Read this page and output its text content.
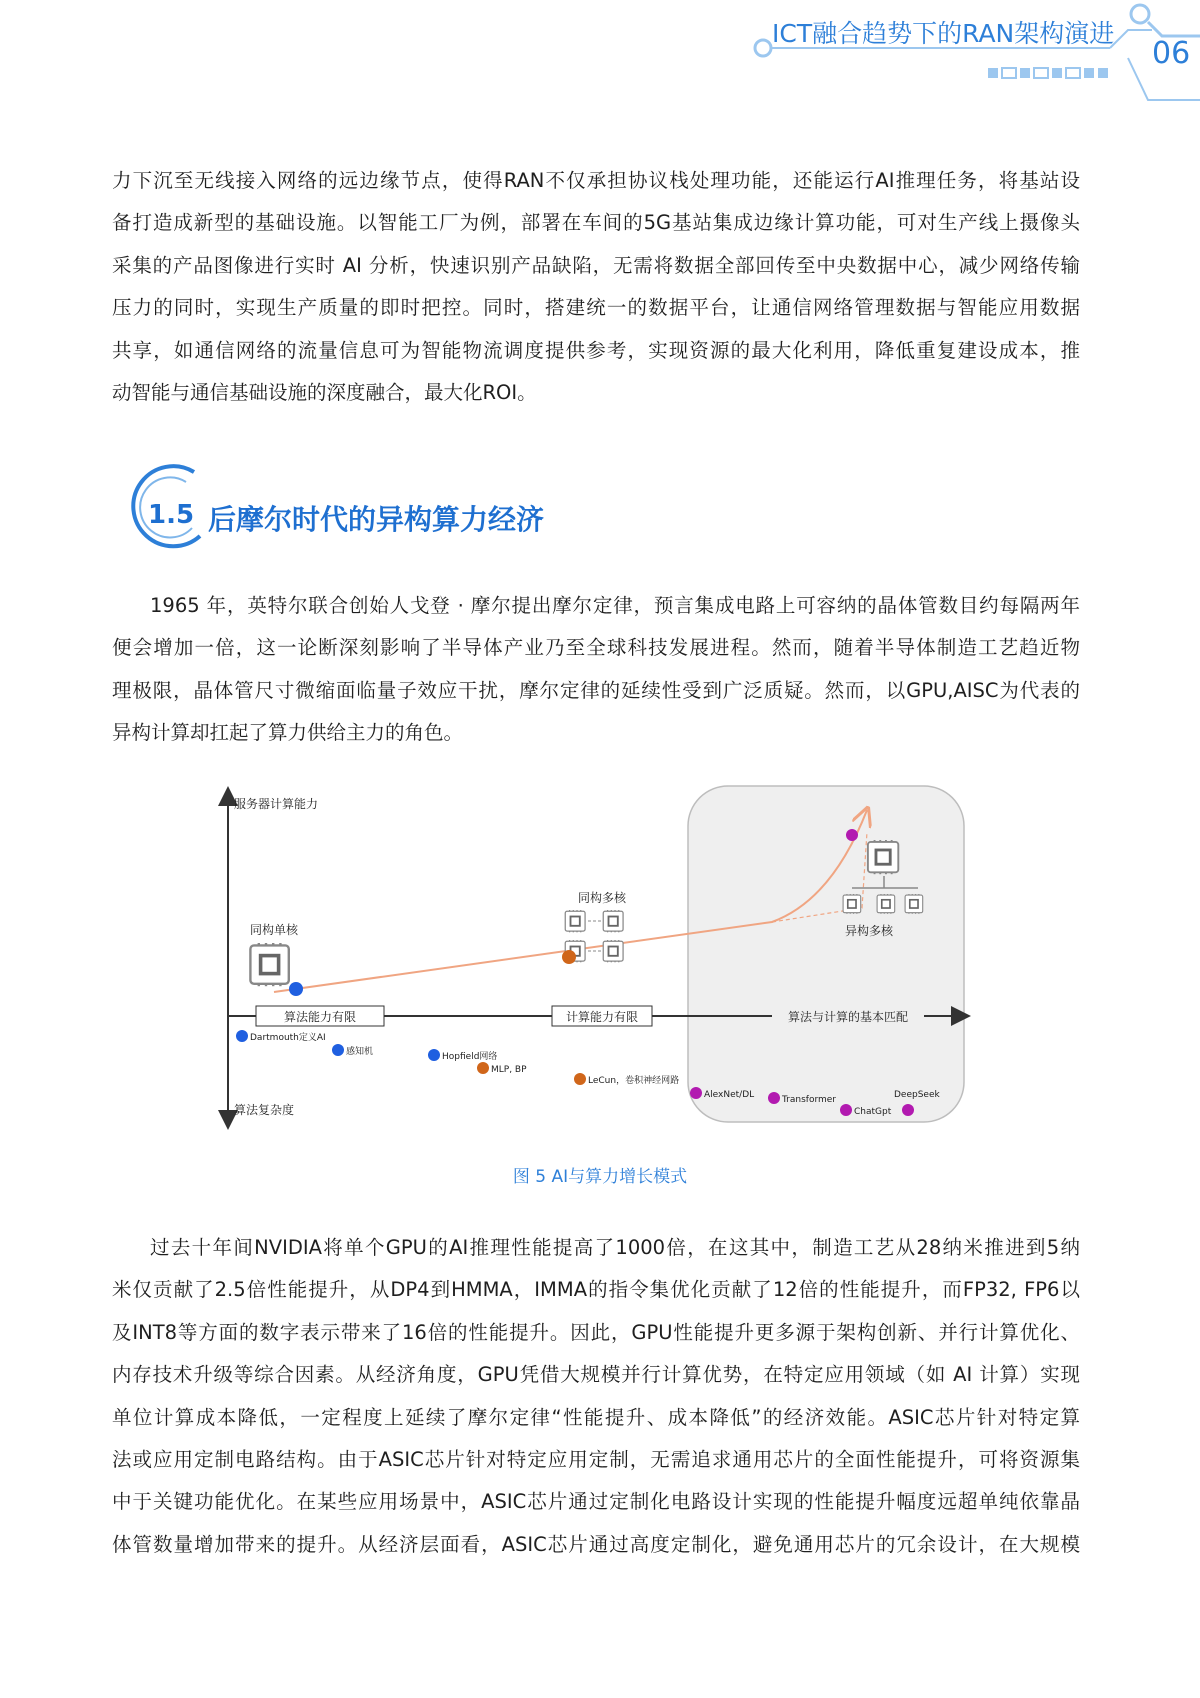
ICT融合趋势下的RAN架构演进
06
力下沉至无线接入网络的远边缘节点，使得RAN不仅承担协议栈处理功能，还能运行AI推理任务，将基站设
备打造成新型的基础设施。以智能工厂为例，部署在车间的5G基站集成边缘计算功能，可对生产线上摄像头
采集的产品图像进行实时 AI 分析，快速识别产品缺陷，无需将数据全部回传至中央数据中心，减少网络传输
压力的同时，实现生产质量的即时把控。同时，搭建统一的数据平台，让通信网络管理数据与智能应用数据
共享，如通信网络的流量信息可为智能物流调度提供参考，实现资源的最大化利用，降低重复建设成本，推
动智能与通信基础设施的深度融合，最大化ROI。
1.5 后摩尔时代的异构算力经济
1965 年，英特尔联合创始人戈登 · 摩尔提出摩尔定律，预言集成电路上可容纳的晶体管数目约每隔两年
便会增加一倍，这一论断深刻影响了半导体产业乃至全球科技发展进程。然而，随着半导体制造工艺趋近物
理极限，晶体管尺寸微缩面临量子效应干扰，摩尔定律的延续性受到广泛质疑。然而，以GPU,AISC为代表的
异构计算却扛起了算力供给主力的角色。
服务器计算能力
算法复杂度
同构单核
同构多核
异构多核
算法能力有限	计算能力有限	算法与计算的基本匹配
Dartmouth定义AI
感知机	Hopfield网络
MLP, BP
LeCun，卷积神经网路
AlexNet/DL	Transformer
ChatGpt
DeepSeek
图 5 AI与算力增长模式
过去十年间NVIDIA将单个GPU的AI推理性能提高了1000倍，在这其中，制造工艺从28纳米推进到5纳
米仅贡献了2.5倍性能提升，从DP4到HMMA，IMMA的指令集优化贡献了12倍的性能提升，而FP32, FP6以
及INT8等方面的数字表示带来了16倍的性能提升。因此，GPU性能提升更多源于架构创新、并行计算优化、
内存技术升级等综合因素。从经济角度，GPU凭借大规模并行计算优势，在特定应用领域（如 AI 计算）实现
单位计算成本降低，一定程度上延续了摩尔定律“性能提升、成本降低”的经济效能。ASIC芯片针对特定算
法或应用定制电路结构。由于ASIC芯片针对特定应用定制，无需追求通用芯片的全面性能提升，可将资源集
中于关键功能优化。在某些应用场景中，ASIC芯片通过定制化电路设计实现的性能提升幅度远超单纯依靠晶
体管数量增加带来的提升。从经济层面看，ASIC芯片通过高度定制化，避免通用芯片的冗余设计，在大规模
